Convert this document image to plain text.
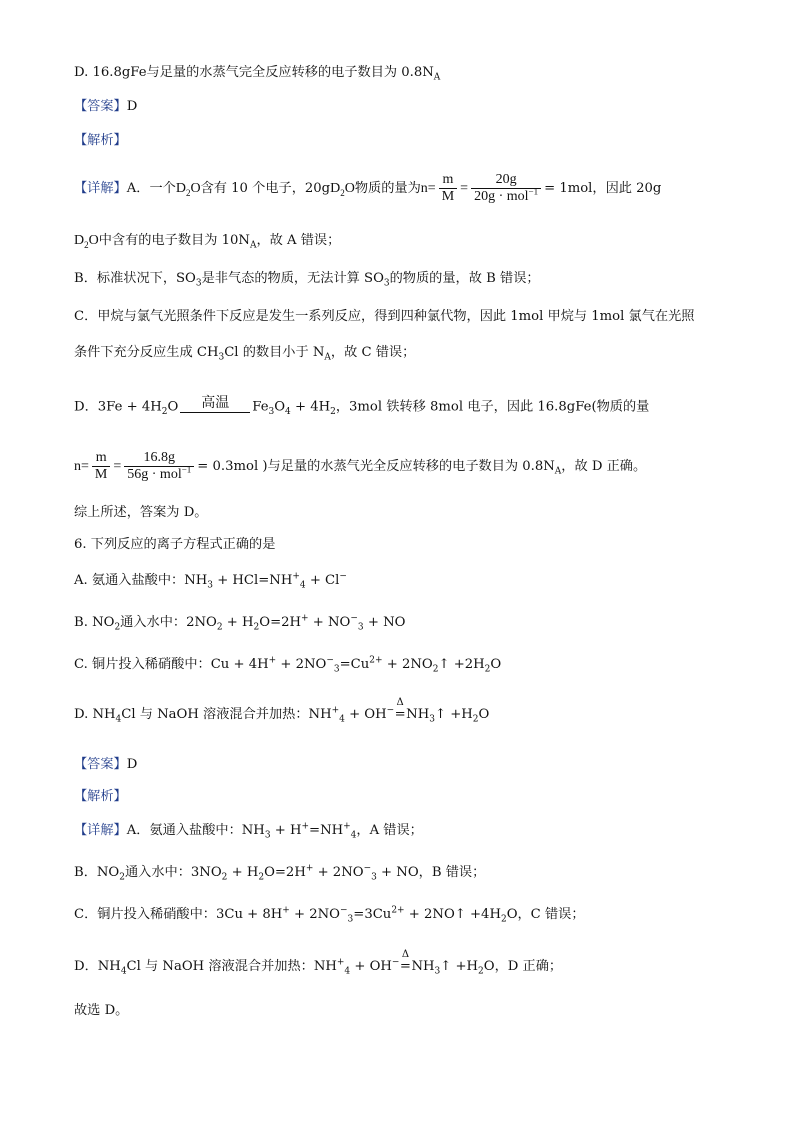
D. 16.8gFe与足量的水蒸气完全反应转移的电子数目为 $0.8N_A$
【答案】D
【解析】
【详解】A．一个$D_2O$含有 10 个电子，$20gD_2O$物质的量为$n= \frac{m}{M} = \frac{20g}{20g \cdot mol^{-1}} = 1mol$，因此 20g
$D_2O$中含有的电子数目为 $10N_A$，故 A 错误；
B．标准状况下，$SO_3$是非气态的物质，无法计算 $SO_3$的物质的量，故 B 错误；
C．甲烷与氯气光照条件下反应是发生一系列反应，得到四种氯代物，因此 1mol 甲烷与 1mol 氯气在光照
条件下充分反应生成 $CH_3Cl$ 的数目小于 $N_A$，故 C 错误；
D．$3Fe + 4H_2O$	高温	$Fe_3O_4 + 4H_2$，3mol 铁转移 8mol 电子，因此 16.8gFe(物质的量
$n= \frac{m}{M} = \frac{16.8g}{56g \cdot mol^{-1}} = 0.3mol$ )与足量的水蒸气光全反应转移的电子数目为 $0.8N_A$，故 D 正确。
综上所述，答案为 D。
6. 下列反应的离子方程式正确的是
A. 氨通入盐酸中：$NH_3 + HCl=NH^+_4 + Cl^-$
B. $NO_2$通入水中：$2NO_2 + H_2O=2H^+ + NO^-_3$ + NO
C. 铜片投入稀硝酸中：$Cu + 4H^+ + 2NO^-_3=Cu^{2+}$ + $2NO_2↑ +2H_2O$
D. $NH_4Cl$ 与 NaOH 溶液混合并加热：$NH^+_4 + OH^-$
Δ
$=NH_3↑ +H_2O$
【答案】D
【解析】
【详解】A．氨通入盐酸中：$NH_3 + H^+=NH^+_4$，A 错误；
B．$NO_2$通入水中：$3NO_2 + H_2O=2H^+ + 2NO^-_3$ + NO，B 错误；
C．铜片投入稀硝酸中：$3Cu + 8H^+ + 2NO^-_3=3Cu^{2+}$ + 2NO↑ $+4H_2O$，C 错误；
D．$NH_4Cl$ 与 NaOH 溶液混合并加热：$NH^+_4 + OH^-$
Δ
$=NH_3↑ +H_2O$，D 正确；
故选 D。
